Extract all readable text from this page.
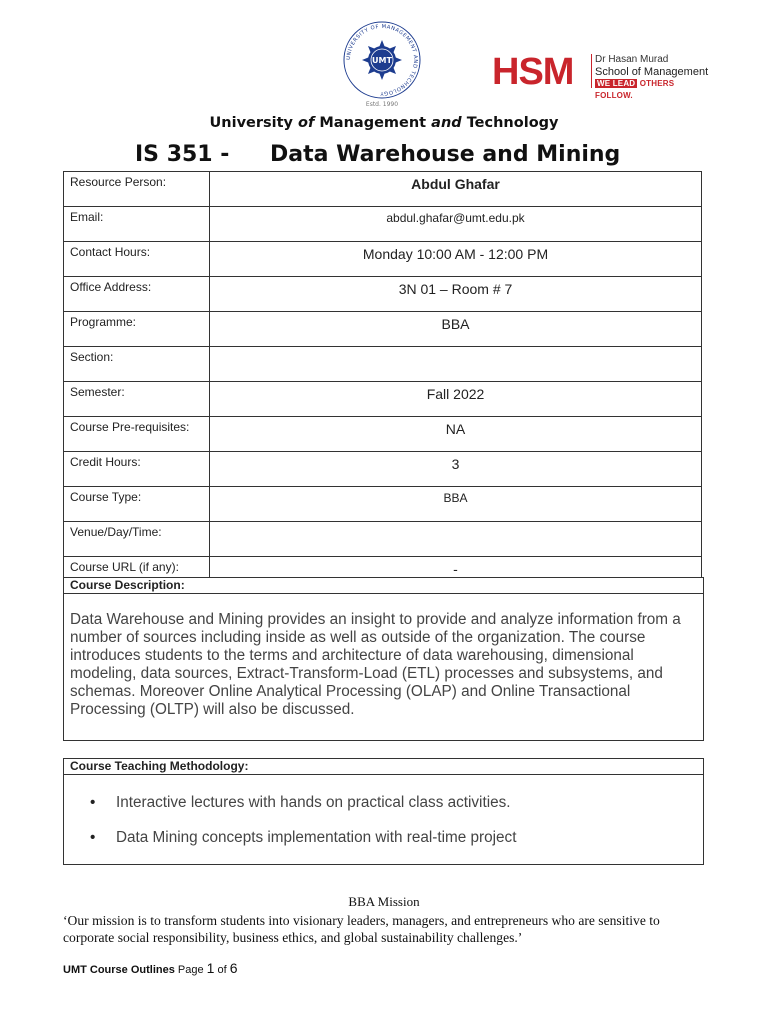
UNIVERSITY OF MANAGEMENT AND TECHNOLOGY
UMT
Estd. 1990
HSM Dr Hasan Murad
School of Management
WE LEAD OTHERS FOLLOW.
University of Management and Technology
IS 351 - Data Warehouse and Mining
Resource Person:	Abdul Ghafar
Email:	abdul.ghafar@umt.edu.pk
Contact Hours:	Monday 10:00 AM - 12:00 PM
Office Address:	3N 01 – Room # 7
Programme:	BBA
Section:	
Semester:	Fall 2022
Course Pre-requisites:	NA
Credit Hours:	3
Course Type:	BBA
Venue/Day/Time:	
Course URL (if any):	-
Course Description:
Data Warehouse and Mining provides an insight to provide and analyze information from a number of sources including inside as well as outside of the organization. The course introduces students to the terms and architecture of data warehousing, dimensional modeling, data sources, Extract-Transform-Load (ETL) processes and subsystems, and schemas. Moreover Online Analytical Processing (OLAP) and Online Transactional Processing (OLTP) will also be discussed.
Course Teaching Methodology:
• Interactive lectures with hands on practical class activities.
• Data Mining concepts implementation with real-time project
BBA Mission
‘Our mission is to transform students into visionary leaders, managers, and entrepreneurs who are sensitive to corporate social responsibility, business ethics, and global sustainability challenges.’
UMT Course Outlines Page 1 of 6
